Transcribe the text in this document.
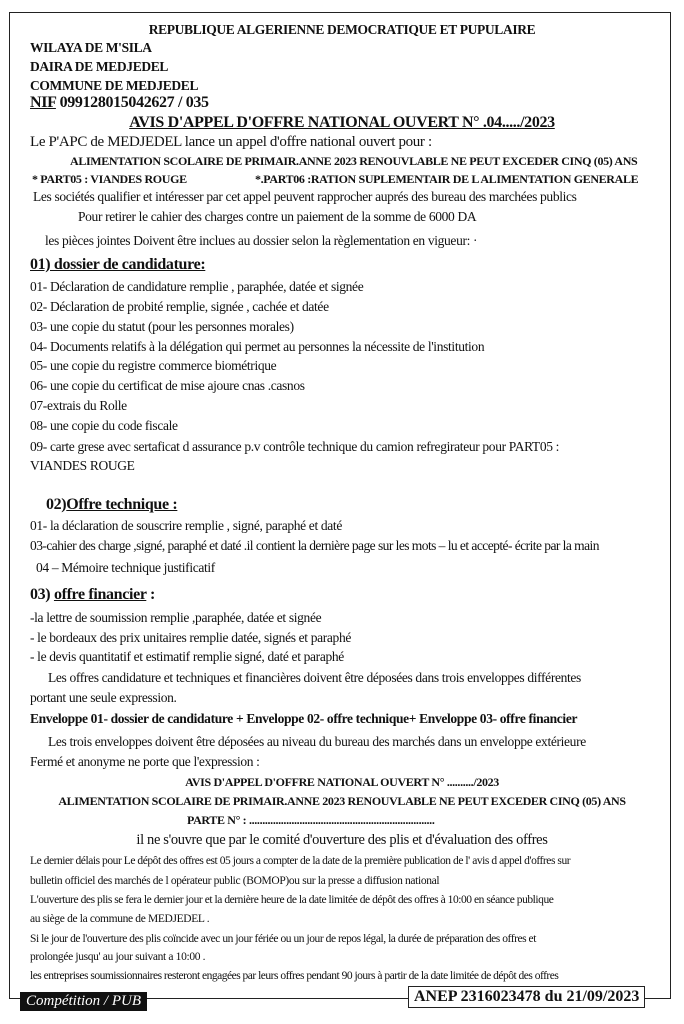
REPUBLIQUE ALGERIENNE DEMOCRATIQUE ET PUPULAIRE
WILAYA DE M'SILA
DAIRA DE MEDJEDEL
COMMUNE DE MEDJEDEL
NIF 099128015042627 / 035
AVIS D'APPEL D'OFFRE NATIONAL OUVERT N° .04...../2023
Le P'APC de MEDJEDEL lance un appel d'offre national ouvert pour :
ALIMENTATION SCOLAIRE DE PRIMAIR.ANNE 2023 RENOUVLABLE NE PEUT EXCEDER CINQ (05) ANS
* PART05 : VIANDES ROUGE	*.PART06 :RATION SUPLEMENTAIR DE L ALIMENTATION GENERALE
Les sociétés qualifier et intéresser par cet appel peuvent rapprocher auprés des bureau des marchées publics
Pour retirer le cahier des charges contre un paiement de la somme de 6000 DA
les pièces jointes Doivent être inclues au dossier selon la règlementation en vigueur: ·
01) dossier de candidature:
01- Déclaration de candidature remplie , paraphée, datée et signée
02- Déclaration de probité remplie, signée , cachée et datée
03- une copie du statut (pour les personnes morales)
04- Documents relatifs à la délégation qui permet au personnes la nécessite de l'institution
05- une copie du registre commerce biométrique
06- une copie du certificat de mise ajoure cnas .casnos
07-extrais du Rolle
08- une copie du code fiscale
09- carte grese avec sertaficat d assurance p.v contrôle technique du camion refregirateur pour PART05 :
VIANDES ROUGE
02)Offre technique :
01- la déclaration de souscrire remplie , signé, paraphé et daté
03-cahier des charge ,signé, paraphé et daté .il contient la dernière page sur les mots – lu et accepté- écrite par la main
04 – Mémoire technique justificatif
03) offre financier :
-la lettre de soumission remplie ,paraphée, datée et signée
- le bordeaux des prix unitaires remplie datée, signés et paraphé
- le devis quantitatif et estimatif remplie signé, daté et paraphé
Les offres candidature et techniques et financières doivent être déposées dans trois enveloppes différentes
portant une seule expression.
Enveloppe 01- dossier de candidature + Enveloppe 02- offre technique+ Enveloppe 03- offre financier
Les trois enveloppes doivent être déposées au niveau du bureau des marchés dans un enveloppe extérieure
Fermé et anonyme ne porte que l'expression :
AVIS D'APPEL D'OFFRE NATIONAL OUVERT N° ........../2023
ALIMENTATION SCOLAIRE DE PRIMAIR.ANNE 2023 RENOUVLABLE NE PEUT EXCEDER CINQ (05) ANS
PARTE N° : ......................................................................
il ne s'ouvre que par le comité d'ouverture des plis et d'évaluation des offres
Le dernier délais pour Le dépôt des offres est 05 jours a compter de la date de la première publication de l' avis d appel d'offres sur
bulletin officiel des marchés de l opérateur public (BOMOP)ou sur la presse a diffusion national
L'ouverture des plis se fera le dernier jour et la dernière heure de la date limitée de dépôt des offres à 10:00 en séance publique
au siège de la commune de MEDJEDEL .
Si le jour de l'ouverture des plis coïncide avec un jour fériée ou un jour de repos légal, la durée de préparation des offres et
prolongée jusqu' au jour suivant a 10:00 .
les entreprises soumissionnaires resteront engagées par leurs offres pendant 90 jours à partir de la date limitée de dépôt des offres
Compétition / PUB	ANEP 2316023478 du 21/09/2023
